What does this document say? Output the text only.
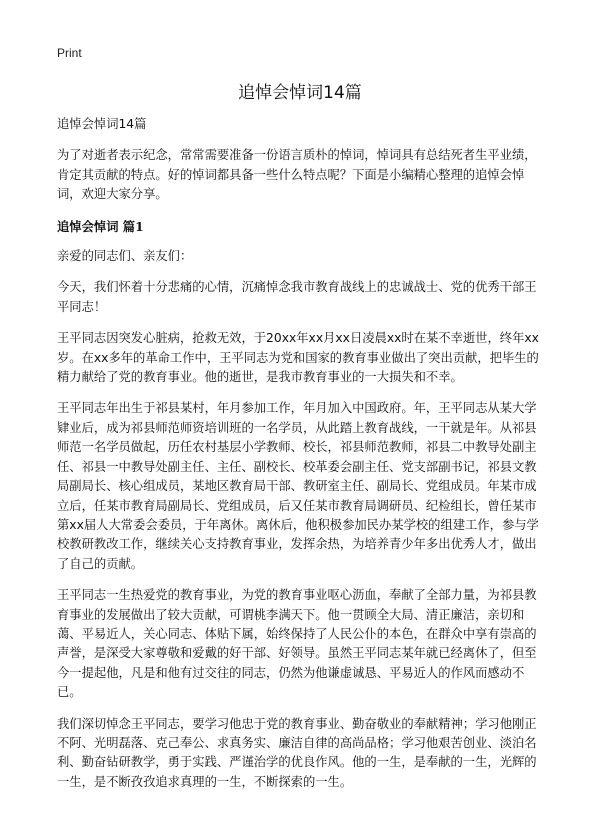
Print
追悼会悼词14篇

追悼会悼词14篇

为了对逝者表示纪念，常常需要准备一份语言质朴的悼词，悼词具有总结死者生平业绩，肯定其贡献的特点。好的悼词都具备一些什么特点呢？下面是小编精心整理的追悼会悼词，欢迎大家分享。

追悼会悼词 篇1

亲爱的同志们、亲友们：

今天，我们怀着十分悲痛的心情，沉痛悼念我市教育战线上的忠诚战士、党的优秀干部王平同志！

王平同志因突发心脏病，抢救无效，于20xx年xx月xx日凌晨xx时在某不幸逝世，终年xx岁。在xx多年的革命工作中，王平同志为党和国家的教育事业做出了突出贡献，把毕生的精力献给了党的教育事业。他的逝世，是我市教育事业的一大损失和不幸。

王平同志年出生于祁县某村，年月参加工作，年月加入中国政府。年，王平同志从某大学肄业后，成为祁县师范师资培训班的一名学员，从此踏上教育战线，一干就是年。从祁县师范一名学员做起，历任农村基层小学教师、校长，祁县师范教师，祁县二中教导处副主任、祁县一中教导处副主任、主任、副校长、校革委会副主任、党支部副书记，祁县文教局副局长、核心组成员，某地区教育局干部、教研室主任、副局长、党组成员。年某市成立后，任某市教育局副局长、党组成员，后又任某市教育局调研员、纪检组长，曾任某市第xx届人大常委会委员，于年离休。离休后，他积极参加民办某学校的组建工作，参与学校教研教改工作，继续关心支持教育事业，发挥余热，为培养青少年多出优秀人才，做出了自己的贡献。

王平同志一生热爱党的教育事业，为党的教育事业呕心沥血，奉献了全部力量，为祁县教育事业的发展做出了较大贡献，可谓桃李满天下。他一贯顾全大局、清正廉洁，亲切和蔼、平易近人，关心同志、体贴下属，始终保持了人民公仆的本色，在群众中享有崇高的声誉，是深受大家尊敬和爱戴的好干部、好领导。虽然王平同志某年就已经离休了，但至今一提起他，凡是和他有过交往的同志，仍然为他谦虚诚恳、平易近人的作风而感动不已。

我们深切悼念王平同志，要学习他忠于党的教育事业、勤奋敬业的奉献精神；学习他刚正不阿、光明磊落、克己奉公、求真务实、廉洁自律的高尚品格；学习他艰苦创业、淡泊名利、勤奋钻研教学，勇于实践、严谨治学的优良作风。他的一生，是奉献的一生，光辉的一生，是不断孜孜追求真理的一生，不断探索的一生。
